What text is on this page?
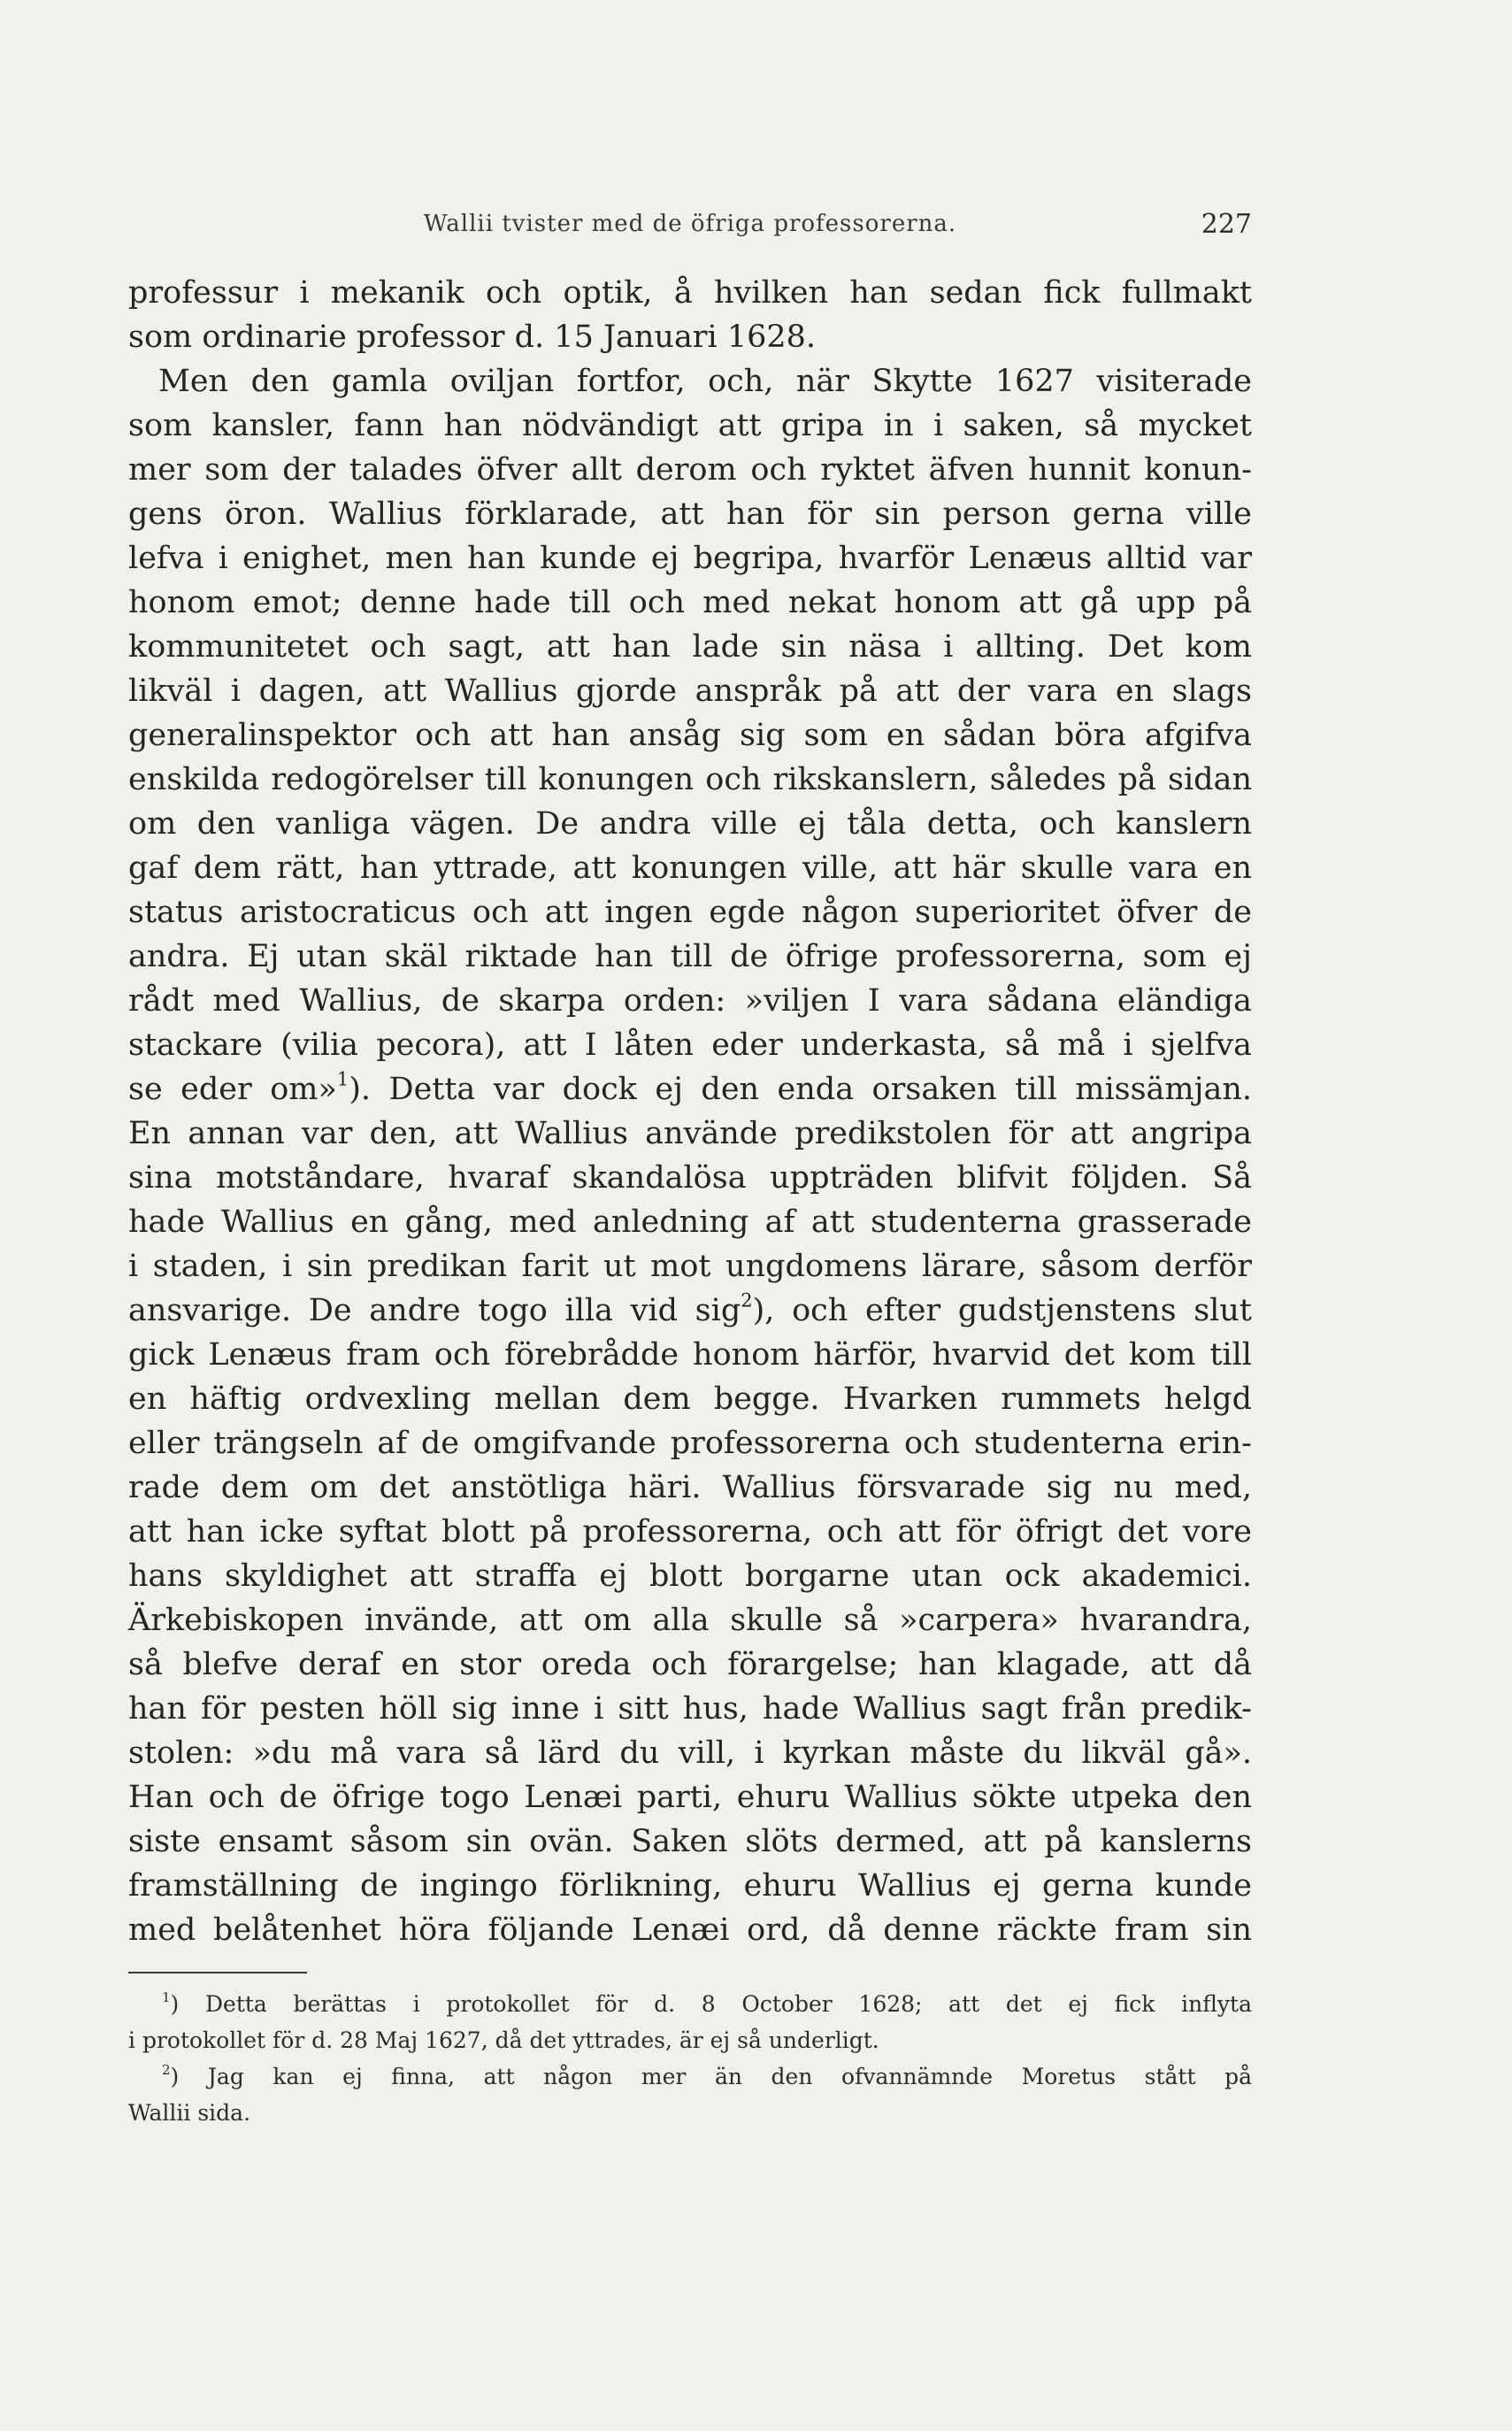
Wallii tvister med de öfriga professorerna.	227
professur i mekanik och optik, å hvilken han sedan fick fullmakt
som ordinarie professor d. 15 Januari 1628.
Men den gamla oviljan fortfor, och, när Skytte 1627 visiterade
som kansler, fann han nödvändigt att gripa in i saken, så mycket
mer som der talades öfver allt derom och ryktet äfven hunnit konun-
gens öron. Wallius förklarade, att han för sin person gerna ville
lefva i enighet, men han kunde ej begripa, hvarför Lenæus alltid var
honom emot; denne hade till och med nekat honom att gå upp på
kommunitetet och sagt, att han lade sin näsa i allting. Det kom
likväl i dagen, att Wallius gjorde anspråk på att der vara en slags
generalinspektor och att han ansåg sig som en sådan böra afgifva
enskilda redogörelser till konungen och rikskanslern, således på sidan
om den vanliga vägen. De andra ville ej tåla detta, och kanslern
gaf dem rätt, han yttrade, att konungen ville, att här skulle vara en
status aristocraticus och att ingen egde någon superioritet öfver de
andra. Ej utan skäl riktade han till de öfrige professorerna, som ej
rådt med Wallius, de skarpa orden: »viljen I vara sådana eländiga
stackare (vilia pecora), att I låten eder underkasta, så må i sjelfva
se eder om»$^1$). Detta var dock ej den enda orsaken till missämjan.
En annan var den, att Wallius använde predikstolen för att angripa
sina motståndare, hvaraf skandalösa uppträden blifvit följden. Så
hade Wallius en gång, med anledning af att studenterna grasserade
i staden, i sin predikan farit ut mot ungdomens lärare, såsom derför
ansvarige. De andre togo illa vid sig$^2$), och efter gudstjenstens slut
gick Lenæus fram och förebrådde honom härför, hvarvid det kom till
en häftig ordvexling mellan dem begge. Hvarken rummets helgd
eller trängseln af de omgifvande professorerna och studenterna erin-
rade dem om det anstötliga häri. Wallius försvarade sig nu med,
att han icke syftat blott på professorerna, och att för öfrigt det vore
hans skyldighet att straffa ej blott borgarne utan ock akademici.
Ärkebiskopen invände, att om alla skulle så »carpera» hvarandra,
så blefve deraf en stor oreda och förargelse; han klagade, att då
han för pesten höll sig inne i sitt hus, hade Wallius sagt från predik-
stolen: »du må vara så lärd du vill, i kyrkan måste du likväl gå».
Han och de öfrige togo Lenæi parti, ehuru Wallius sökte utpeka den
siste ensamt såsom sin ovän. Saken slöts dermed, att på kanslerns
framställning de ingingo förlikning, ehuru Wallius ej gerna kunde
med belåtenhet höra följande Lenæi ord, då denne räckte fram sin
$^1$) Detta berättas i protokollet för d. 8 October 1628; att det ej fick inflyta
i protokollet för d. 28 Maj 1627, då det yttrades, är ej så underligt.
$^2$) Jag kan ej finna, att någon mer än den ofvannämnde Moretus stått på
Wallii sida.
